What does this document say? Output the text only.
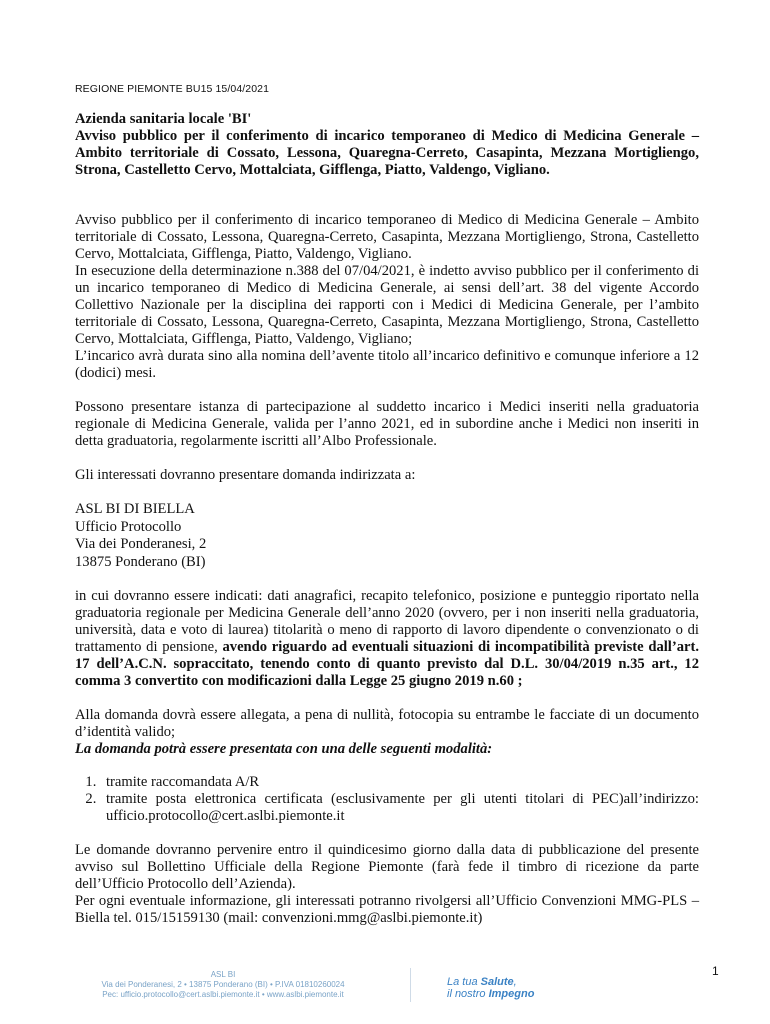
REGIONE PIEMONTE BU15 15/04/2021
Azienda sanitaria locale 'BI'
Avviso pubblico per il conferimento di incarico temporaneo di Medico di Medicina Generale – Ambito territoriale di Cossato, Lessona, Quaregna-Cerreto, Casapinta, Mezzana Mortigliengo, Strona, Castelletto Cervo, Mottalciata, Gifflenga, Piatto, Valdengo, Vigliano.

Avviso pubblico per il conferimento di incarico temporaneo di Medico di Medicina Generale – Ambito territoriale di Cossato, Lessona, Quaregna-Cerreto, Casapinta, Mezzana Mortigliengo, Strona, Castelletto Cervo, Mottalciata, Gifflenga, Piatto, Valdengo, Vigliano.

In esecuzione della determinazione n.388 del 07/04/2021, è indetto avviso pubblico per il conferimento di un incarico temporaneo di Medico di Medicina Generale, ai sensi dell’art. 38 del vigente Accordo Collettivo Nazionale per la disciplina dei rapporti con i Medici di Medicina Generale, per l’ambito territoriale di Cossato, Lessona, Quaregna-Cerreto, Casapinta, Mezzana Mortigliengo, Strona, Castelletto Cervo, Mottalciata, Gifflenga, Piatto, Valdengo, Vigliano;

L’incarico avrà durata sino alla nomina dell’avente titolo all’incarico definitivo e comunque inferiore a 12 (dodici) mesi.

Possono presentare istanza di partecipazione al suddetto incarico i Medici inseriti nella graduatoria regionale di Medicina Generale, valida per l’anno 2021, ed in subordine anche i Medici non inseriti in detta graduatoria, regolarmente iscritti all’Albo Professionale.

Gli interessati dovranno presentare domanda indirizzata a:

ASL BI DI BIELLA
Ufficio Protocollo
Via dei Ponderanesi, 2
13875 Ponderano (BI)

in cui dovranno essere indicati: dati anagrafici, recapito telefonico, posizione e punteggio riportato nella graduatoria regionale per Medicina Generale dell’anno 2020 (ovvero, per i non inseriti nella graduatoria, università, data e voto di laurea) titolarità o meno di rapporto di lavoro dipendente o convenzionato o di trattamento di pensione, avendo riguardo ad eventuali situazioni di incompatibilità previste dall’art. 17 dell’A.C.N. sopraccitato, tenendo conto di quanto previsto dal D.L. 30/04/2019 n.35 art., 12 comma 3 convertito con modificazioni dalla Legge 25 giugno 2019 n.60 ;

Alla domanda dovrà essere allegata, a pena di nullità, fotocopia su entrambe le facciate di un documento d’identità valido;
La domanda potrà essere presentata con una delle seguenti modalità:

1. tramite raccomandata A/R
2. tramite posta elettronica certificata (esclusivamente per gli utenti titolari di PEC)all’indirizzo: ufficio.protocollo@cert.aslbi.piemonte.it

Le domande dovranno pervenire entro il quindicesimo giorno dalla data di pubblicazione del presente avviso sul Bollettino Ufficiale della Regione Piemonte (farà fede il timbro di ricezione da parte dell’Ufficio Protocollo dell’Azienda).

Per ogni eventuale informazione, gli interessati potranno rivolgersi all’Ufficio Convenzioni MMG-PLS – Biella tel. 015/15159130 (mail: convenzioni.mmg@aslbi.piemonte.it)

1
ASL BI
Via dei Ponderanesi, 2 • 13875 Ponderano (BI) • P.IVA 01810260024
Pec: ufficio.protocollo@cert.aslbi.piemonte.it • www.aslbi.piemonte.it
La tua Salute,
il nostro Impegno
